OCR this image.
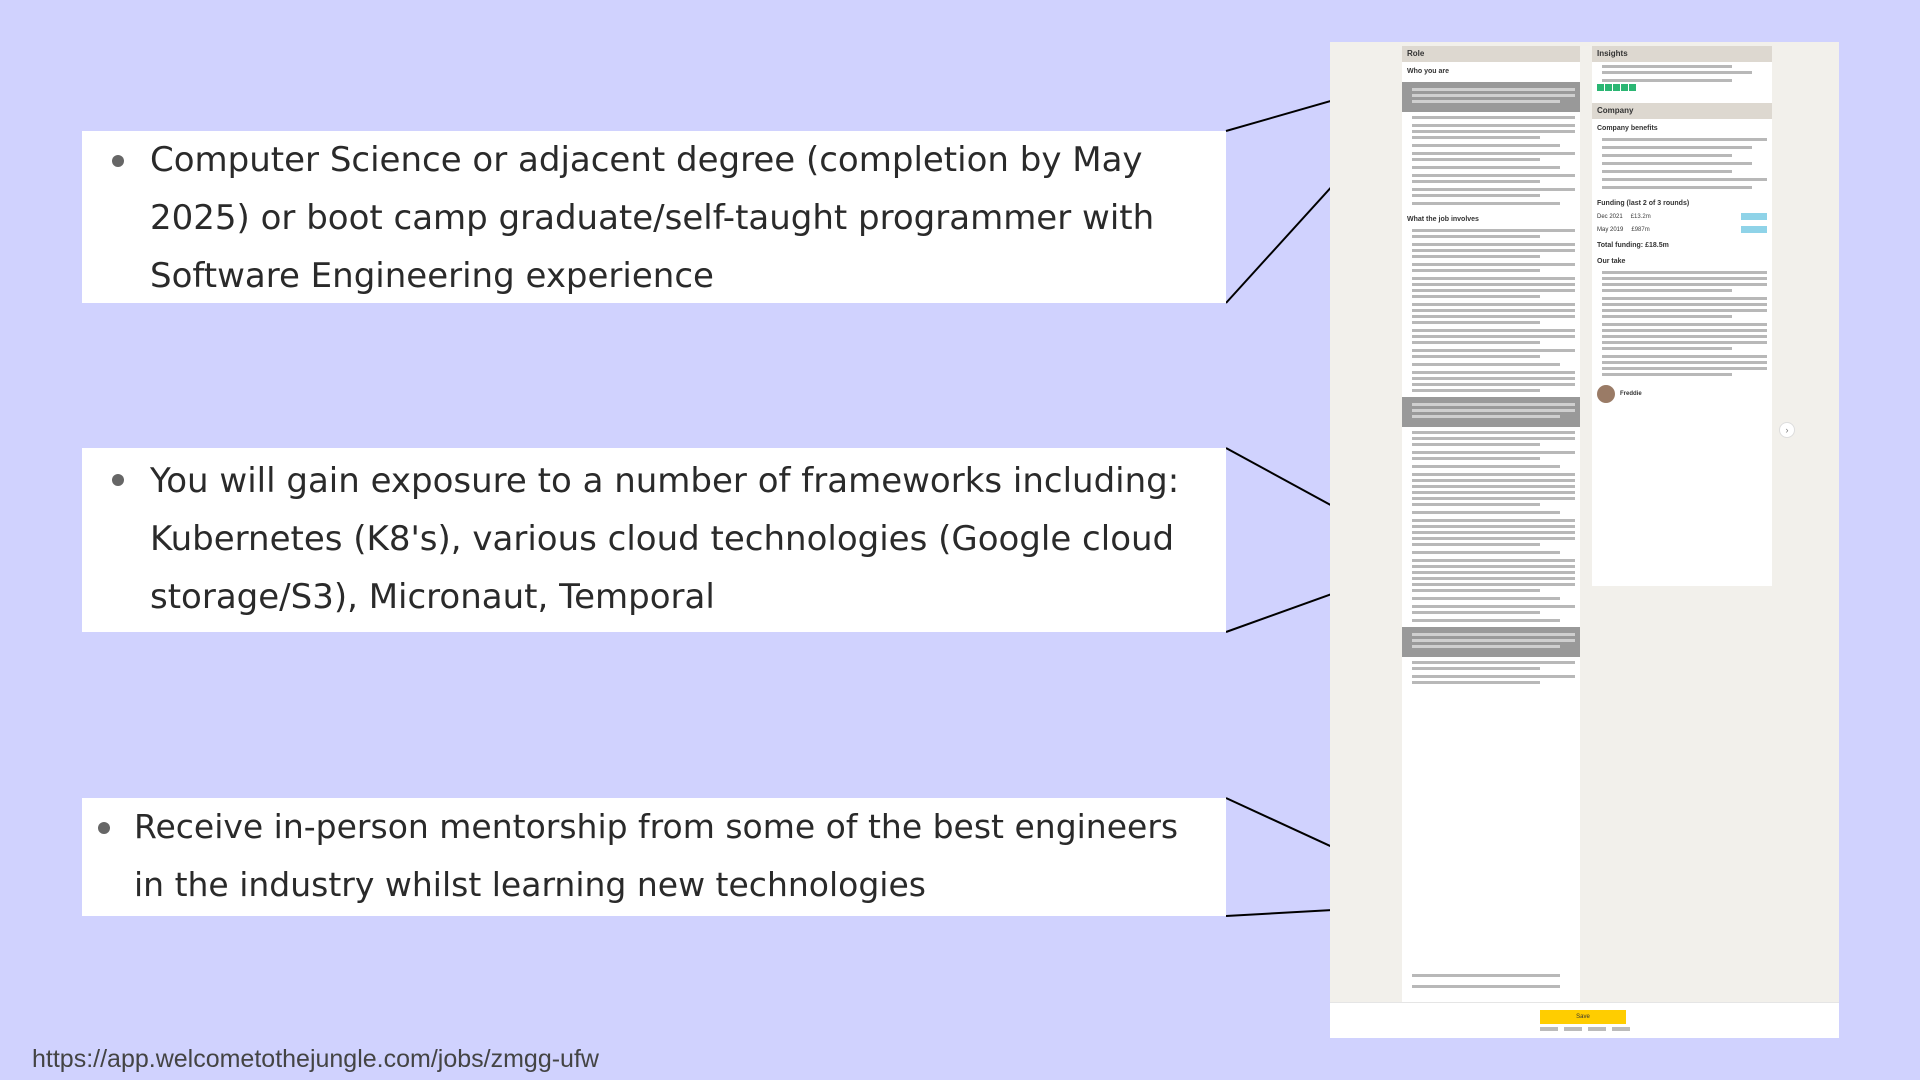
Computer Science or adjacent degree (completion by May 2025) or boot camp graduate/self-taught programmer with Software Engineering experience
You will gain exposure to a number of frameworks including: Kubernetes (K8's), various cloud technologies (Google cloud storage/S3), Micronaut, Temporal
Receive in-person mentorship from some of the best engineers in the industry whilst learning new technologies
Role
Who you are
What the job involves
Insights
Company
Company benefits
Funding (last 2 of 3 rounds)
Dec 2021 £13.2m
May 2019 £987m
Total funding: £18.5m
Our take
Freddie
›
Save
https://app.welcometothejungle.com/jobs/zmgg-ufw
